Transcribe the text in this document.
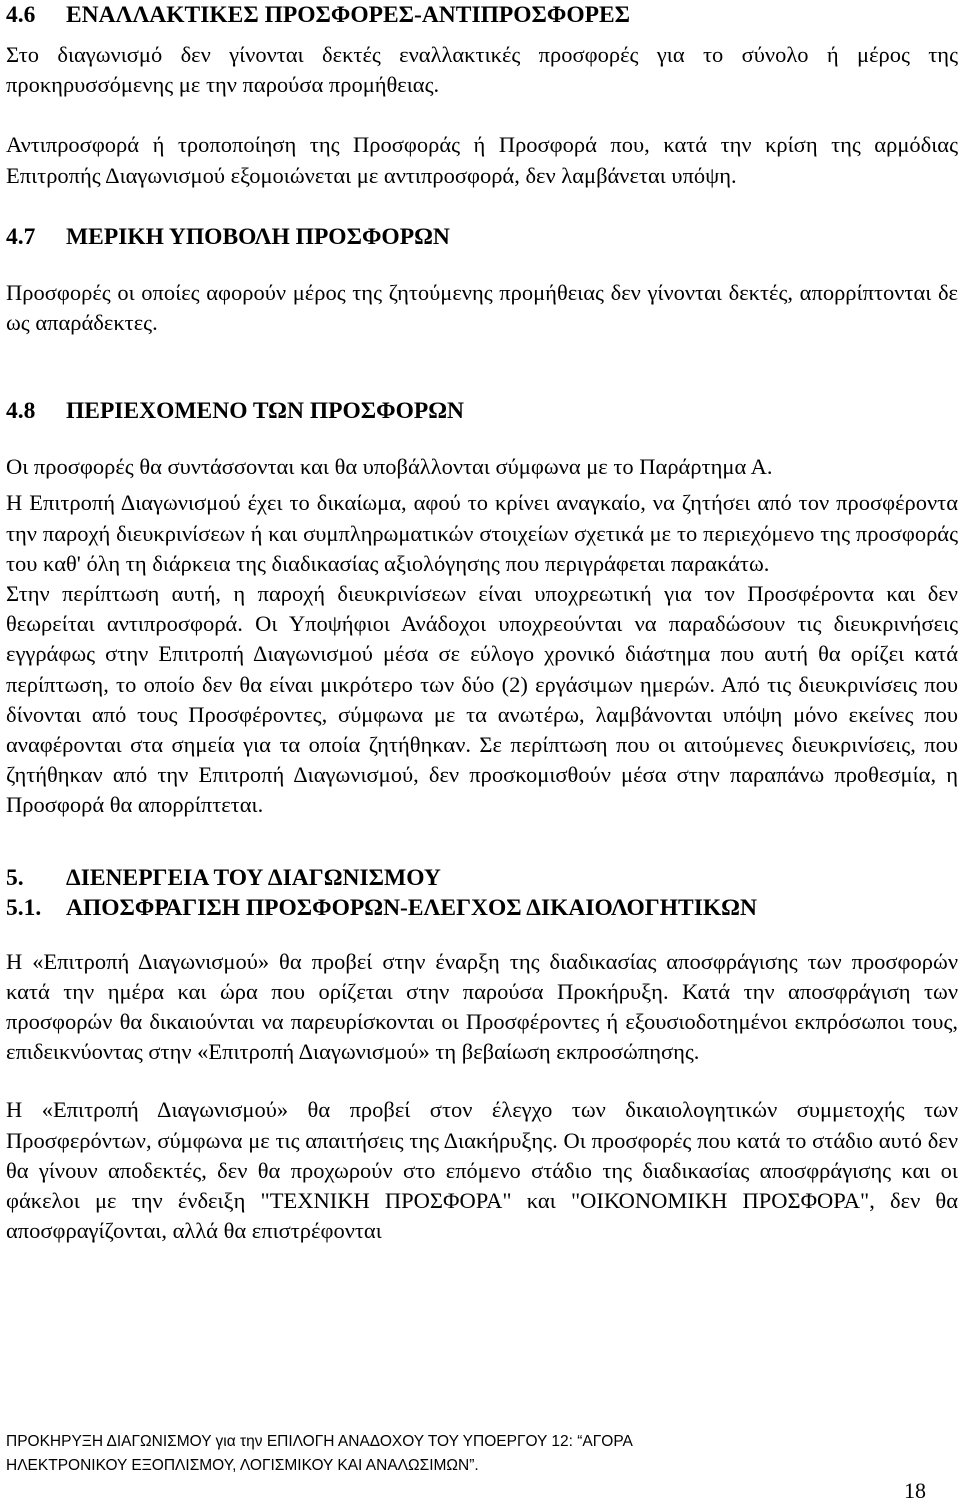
4.6 ΕΝΑΛΛΑΚΤΙΚΕΣ ΠΡΟΣΦΟΡΕΣ-ΑΝΤΙΠΡΟΣΦΟΡΕΣ

Στο διαγωνισμό δεν γίνονται δεκτές εναλλακτικές προσφορές για το σύνολο ή μέρος της προκηρυσσόμενης με την παρούσα προμήθειας.

Αντιπροσφορά ή τροποποίηση της Προσφοράς ή Προσφορά που, κατά την κρίση της αρμόδιας Επιτροπής Διαγωνισμού εξομοιώνεται με αντιπροσφορά, δεν λαμβάνεται υπόψη.

4.7 ΜΕΡΙΚΗ ΥΠΟΒΟΛΗ ΠΡΟΣΦΟΡΩΝ

Προσφορές οι οποίες αφορούν μέρος της ζητούμενης προμήθειας δεν γίνονται δεκτές, απορρίπτονται δε ως απαράδεκτες.

4.8 ΠΕΡΙΕΧΟΜΕΝΟ ΤΩΝ ΠΡΟΣΦΟΡΩΝ

Οι προσφορές θα συντάσσονται και θα υποβάλλονται σύμφωνα με το Παράρτημα Α.

Η Επιτροπή Διαγωνισμού έχει το δικαίωμα, αφού το κρίνει αναγκαίο, να ζητήσει από τον προσφέροντα την παροχή διευκρινίσεων ή και συμπληρωματικών στοιχείων σχετικά με το περιεχόμενο της προσφοράς του καθ' όλη τη διάρκεια της διαδικασίας αξιολόγησης που περιγράφεται παρακάτω.

Στην περίπτωση αυτή, η παροχή διευκρινίσεων είναι υποχρεωτική για τον Προσφέροντα και δεν θεωρείται αντιπροσφορά. Οι Υποψήφιοι Ανάδοχοι υποχρεούνται να παραδώσουν τις διευκρινήσεις εγγράφως στην Επιτροπή Διαγωνισμού μέσα σε εύλογο χρονικό διάστημα που αυτή θα ορίζει κατά περίπτωση, το οποίο δεν θα είναι μικρότερο των δύο (2) εργάσιμων ημερών. Από τις διευκρινίσεις που δίνονται από τους Προσφέροντες, σύμφωνα με τα ανωτέρω, λαμβάνονται υπόψη μόνο εκείνες που αναφέρονται στα σημεία για τα οποία ζητήθηκαν. Σε περίπτωση που οι αιτούμενες διευκρινίσεις, που ζητήθηκαν από την Επιτροπή Διαγωνισμού, δεν προσκομισθούν μέσα στην παραπάνω προθεσμία, η Προσφορά θα απορρίπτεται.

5. ΔΙΕΝΕΡΓΕΙΑ ΤΟΥ ΔΙΑΓΩΝΙΣΜΟΥ
5.1. ΑΠΟΣΦΡΑΓΙΣΗ ΠΡΟΣΦΟΡΩΝ-ΕΛΕΓΧΟΣ ΔΙΚΑΙΟΛΟΓΗΤΙΚΩΝ

Η «Επιτροπή Διαγωνισμού» θα προβεί στην έναρξη της διαδικασίας αποσφράγισης των προσφορών κατά την ημέρα και ώρα που ορίζεται στην παρούσα Προκήρυξη. Κατά την αποσφράγιση των προσφορών θα δικαιούνται να παρευρίσκονται οι Προσφέροντες ή εξουσιοδοτημένοι εκπρόσωποι τους, επιδεικνύοντας στην «Επιτροπή Διαγωνισμού» τη βεβαίωση εκπροσώπησης.

Η «Επιτροπή Διαγωνισμού» θα προβεί στον έλεγχο των δικαιολογητικών συμμετοχής των Προσφερόντων, σύμφωνα με τις απαιτήσεις της Διακήρυξης. Οι προσφορές που κατά το στάδιο αυτό δεν θα γίνουν αποδεκτές, δεν θα προχωρούν στο επόμενο στάδιο της διαδικασίας αποσφράγισης και οι φάκελοι με την ένδειξη "ΤΕΧΝΙΚΗ ΠΡΟΣΦΟΡΑ" και "ΟΙΚΟΝΟΜΙΚΗ ΠΡΟΣΦΟΡΑ", δεν θα αποσφραγίζονται, αλλά θα επιστρέφονται

ΠΡΟΚΗΡΥΞΗ ΔΙΑΓΩΝΙΣΜΟΥ για την ΕΠΙΛΟΓΗ ΑΝΑΔΟΧΟΥ ΤΟΥ ΥΠΟΕΡΓΟΥ 12: “ΑΓΟΡΑ
ΗΛΕΚΤΡΟΝΙΚΟΥ ΕΞΟΠΛΙΣΜΟΥ, ΛΟΓΙΣΜΙΚΟΥ ΚΑΙ ΑΝΑΛΩΣΙΜΩΝ”.
18
